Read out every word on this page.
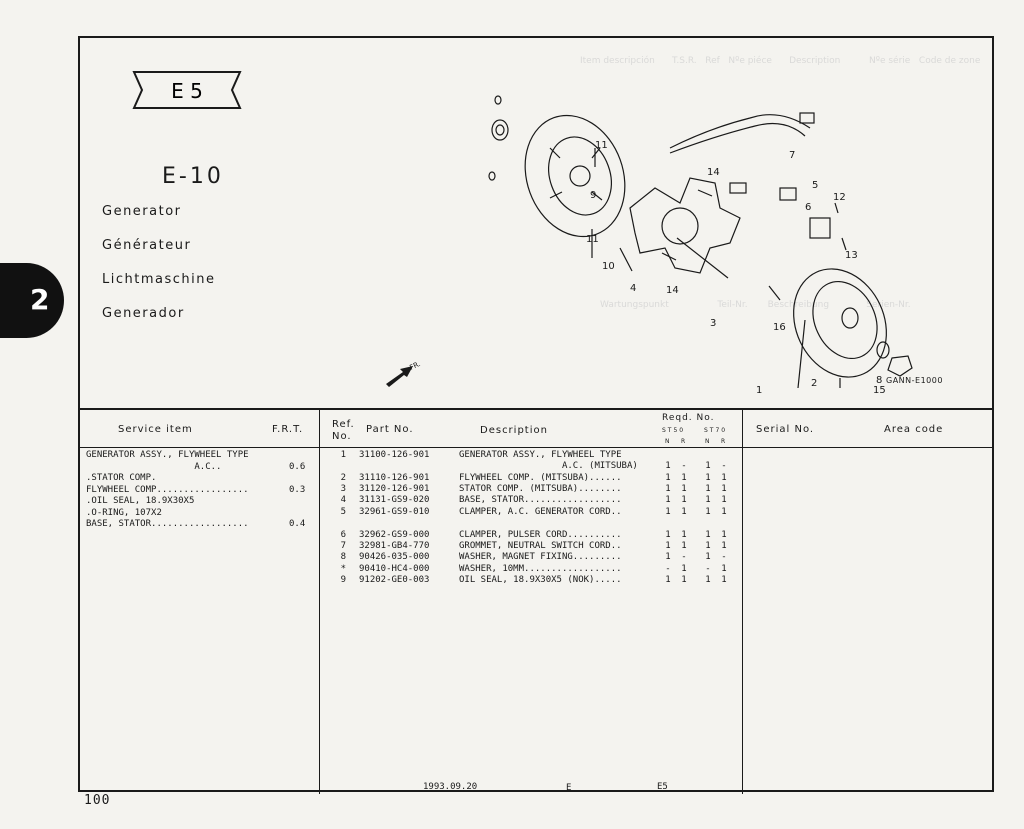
2
Item descripción      T.S.R.   Ref   Nºe piéce      Description          Nºe série   Code de zone
Wartungspunkt                 Teil-Nr.       Beschreibung             Serien-Nr.
E 5
E-10
Generator
Générateur
Lichtmaschine
Generador
11
9
11
10
4	14
14
7
5
6
12
13
3	16
1
2	8
15
FR.
GANN-E1000
Service item	F.R.T.	Ref.
No.
Part No.	Description
Reqd. No.
ST50	ST70
N R	N R
Serial No.	Area code
GENERATOR ASSY., FLYWHEEL TYPE
A.C..	0.6
.STATOR COMP.
FLYWHEEL COMP.................	0.3
.OIL SEAL, 18.9X30X5
.O-RING, 107X2
BASE, STATOR..................	0.4
1 31100-126-901	GENERATOR ASSY., FLYWHEEL TYPE
A.C. (MITSUBA)	1	-	1	-
2 31110-126-901	FLYWHEEL COMP. (MITSUBA)......	1	1	1	1
3 31120-126-901	STATOR COMP. (MITSUBA)........	1	1	1	1
4 31131-GS9-020	BASE, STATOR..................	1	1	1	1
5 32961-GS9-010	CLAMPER, A.C. GENERATOR CORD..	1	1	1	1
6 32962-GS9-000	CLAMPER, PULSER CORD..........	1	1	1	1
7 32981-GB4-770	GROMMET, NEUTRAL SWITCH CORD..	1	1	1	1
8 90426-035-000	WASHER, MAGNET FIXING.........	1	-	1	-
* 90410-HC4-000	WASHER, 10MM..................	-	1	-	1
9 91202-GE0-003	OIL SEAL, 18.9X30X5 (NOK).....	1	1	1	1
1993.09.20	E	E5
100
